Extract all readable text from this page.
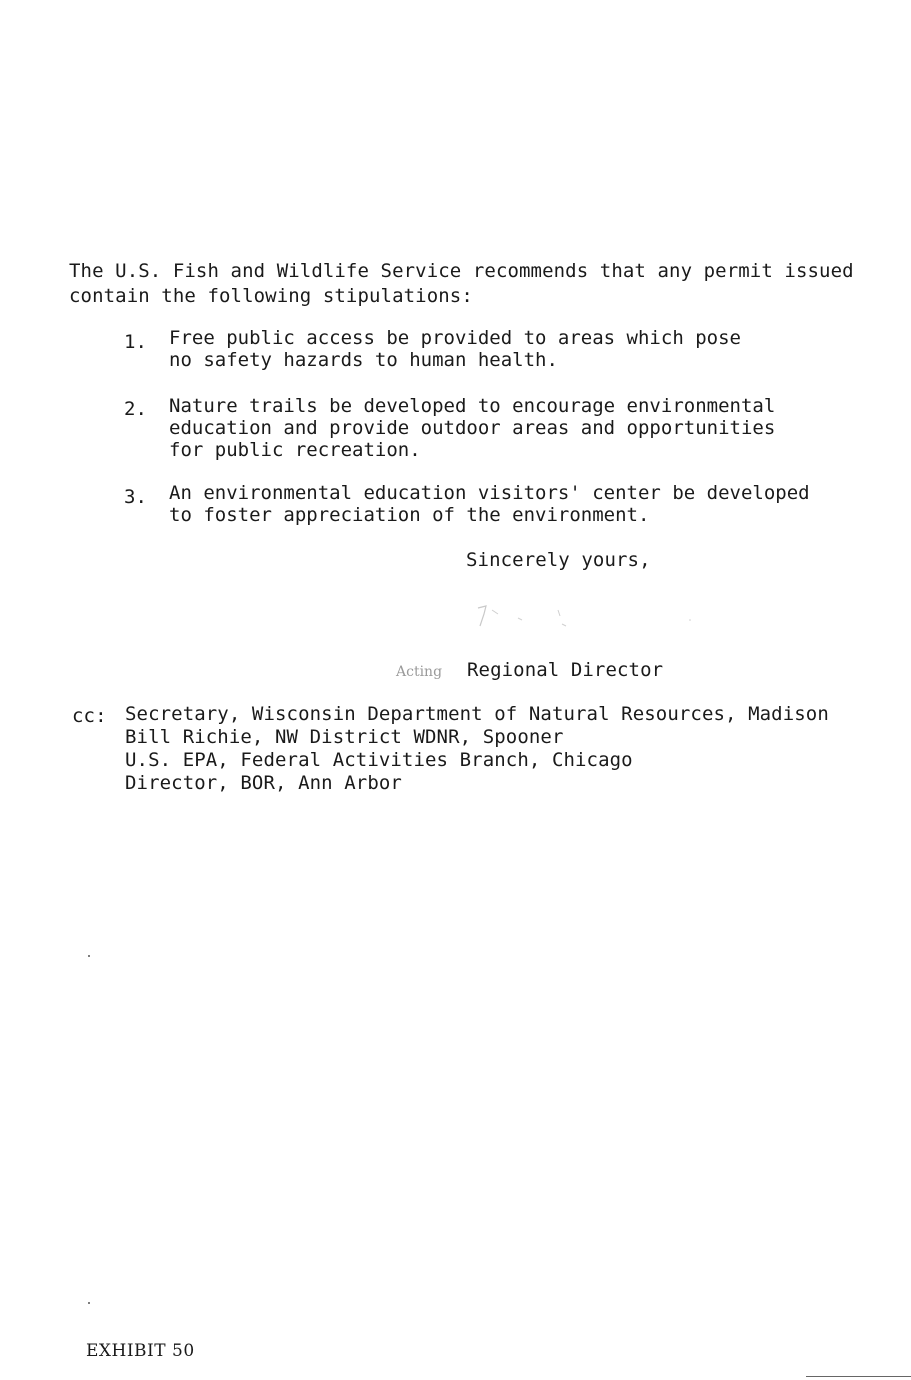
The U.S. Fish and Wildlife Service recommends that any permit issued
contain the following stipulations:
1. Free public access be provided to areas which pose
no safety hazards to human health.
2. Nature trails be developed to encourage environmental
education and provide outdoor areas and opportunities
for public recreation.
3. An environmental education visitors' center be developed
to foster appreciation of the environment.
Sincerely yours,
Acting Regional Director
cc: Secretary, Wisconsin Department of Natural Resources, Madison
Bill Richie, NW District WDNR, Spooner
U.S. EPA, Federal Activities Branch, Chicago
Director, BOR, Ann Arbor
EXHIBIT 50
